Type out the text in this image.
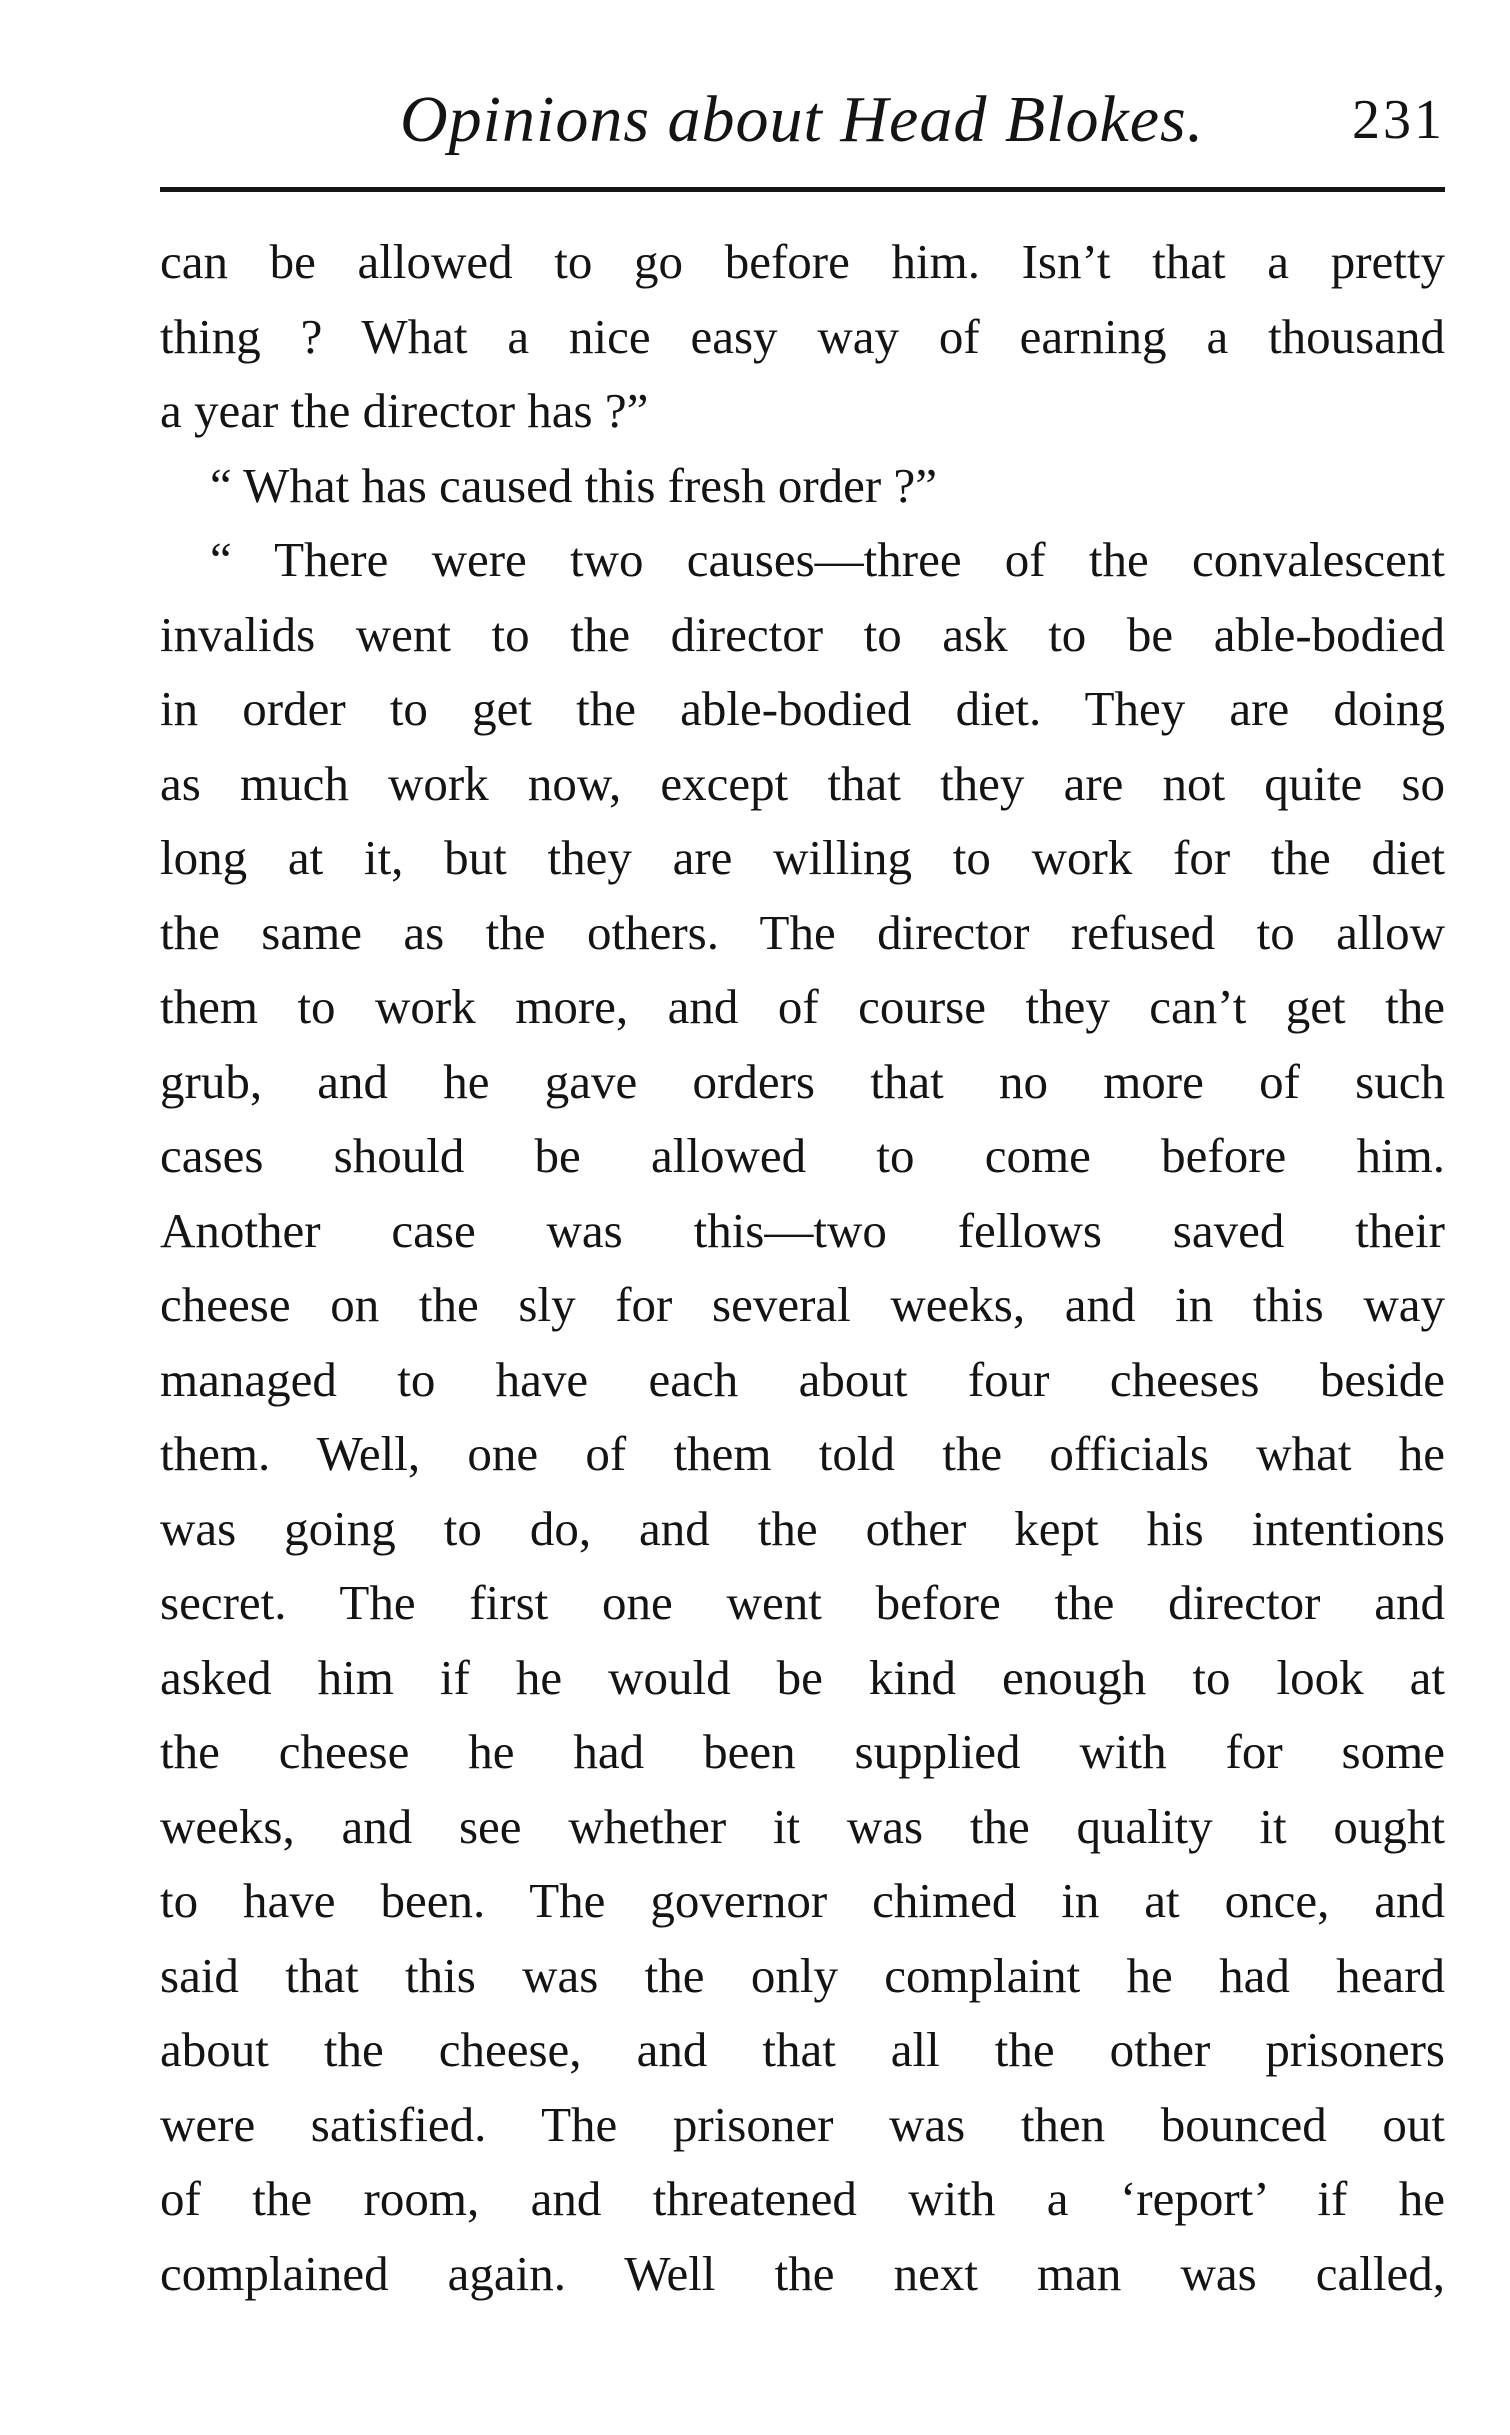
Opinions about Head Blokes.	231
can be allowed to go before him. Isn’t that a pretty
thing ? What a nice easy way of earning a thousand
a year the director has ?”
“ What has caused this fresh order ?”
“ There were two causes—three of the convalescent
invalids went to the director to ask to be able-bodied
in order to get the able-bodied diet. They are doing
as much work now, except that they are not quite so
long at it, but they are willing to work for the diet
the same as the others. The director refused to allow
them to work more, and of course they can’t get the
grub, and he gave orders that no more of such
cases should be allowed to come before him.
Another case was this—two fellows saved their
cheese on the sly for several weeks, and in this way
managed to have each about four cheeses beside
them. Well, one of them told the officials what he
was going to do, and the other kept his intentions
secret. The first one went before the director and
asked him if he would be kind enough to look at
the cheese he had been supplied with for some
weeks, and see whether it was the quality it ought
to have been. The governor chimed in at once, and
said that this was the only complaint he had heard
about the cheese, and that all the other prisoners
were satisfied. The prisoner was then bounced out
of the room, and threatened with a ‘report’ if he
complained again. Well the next man was called,
